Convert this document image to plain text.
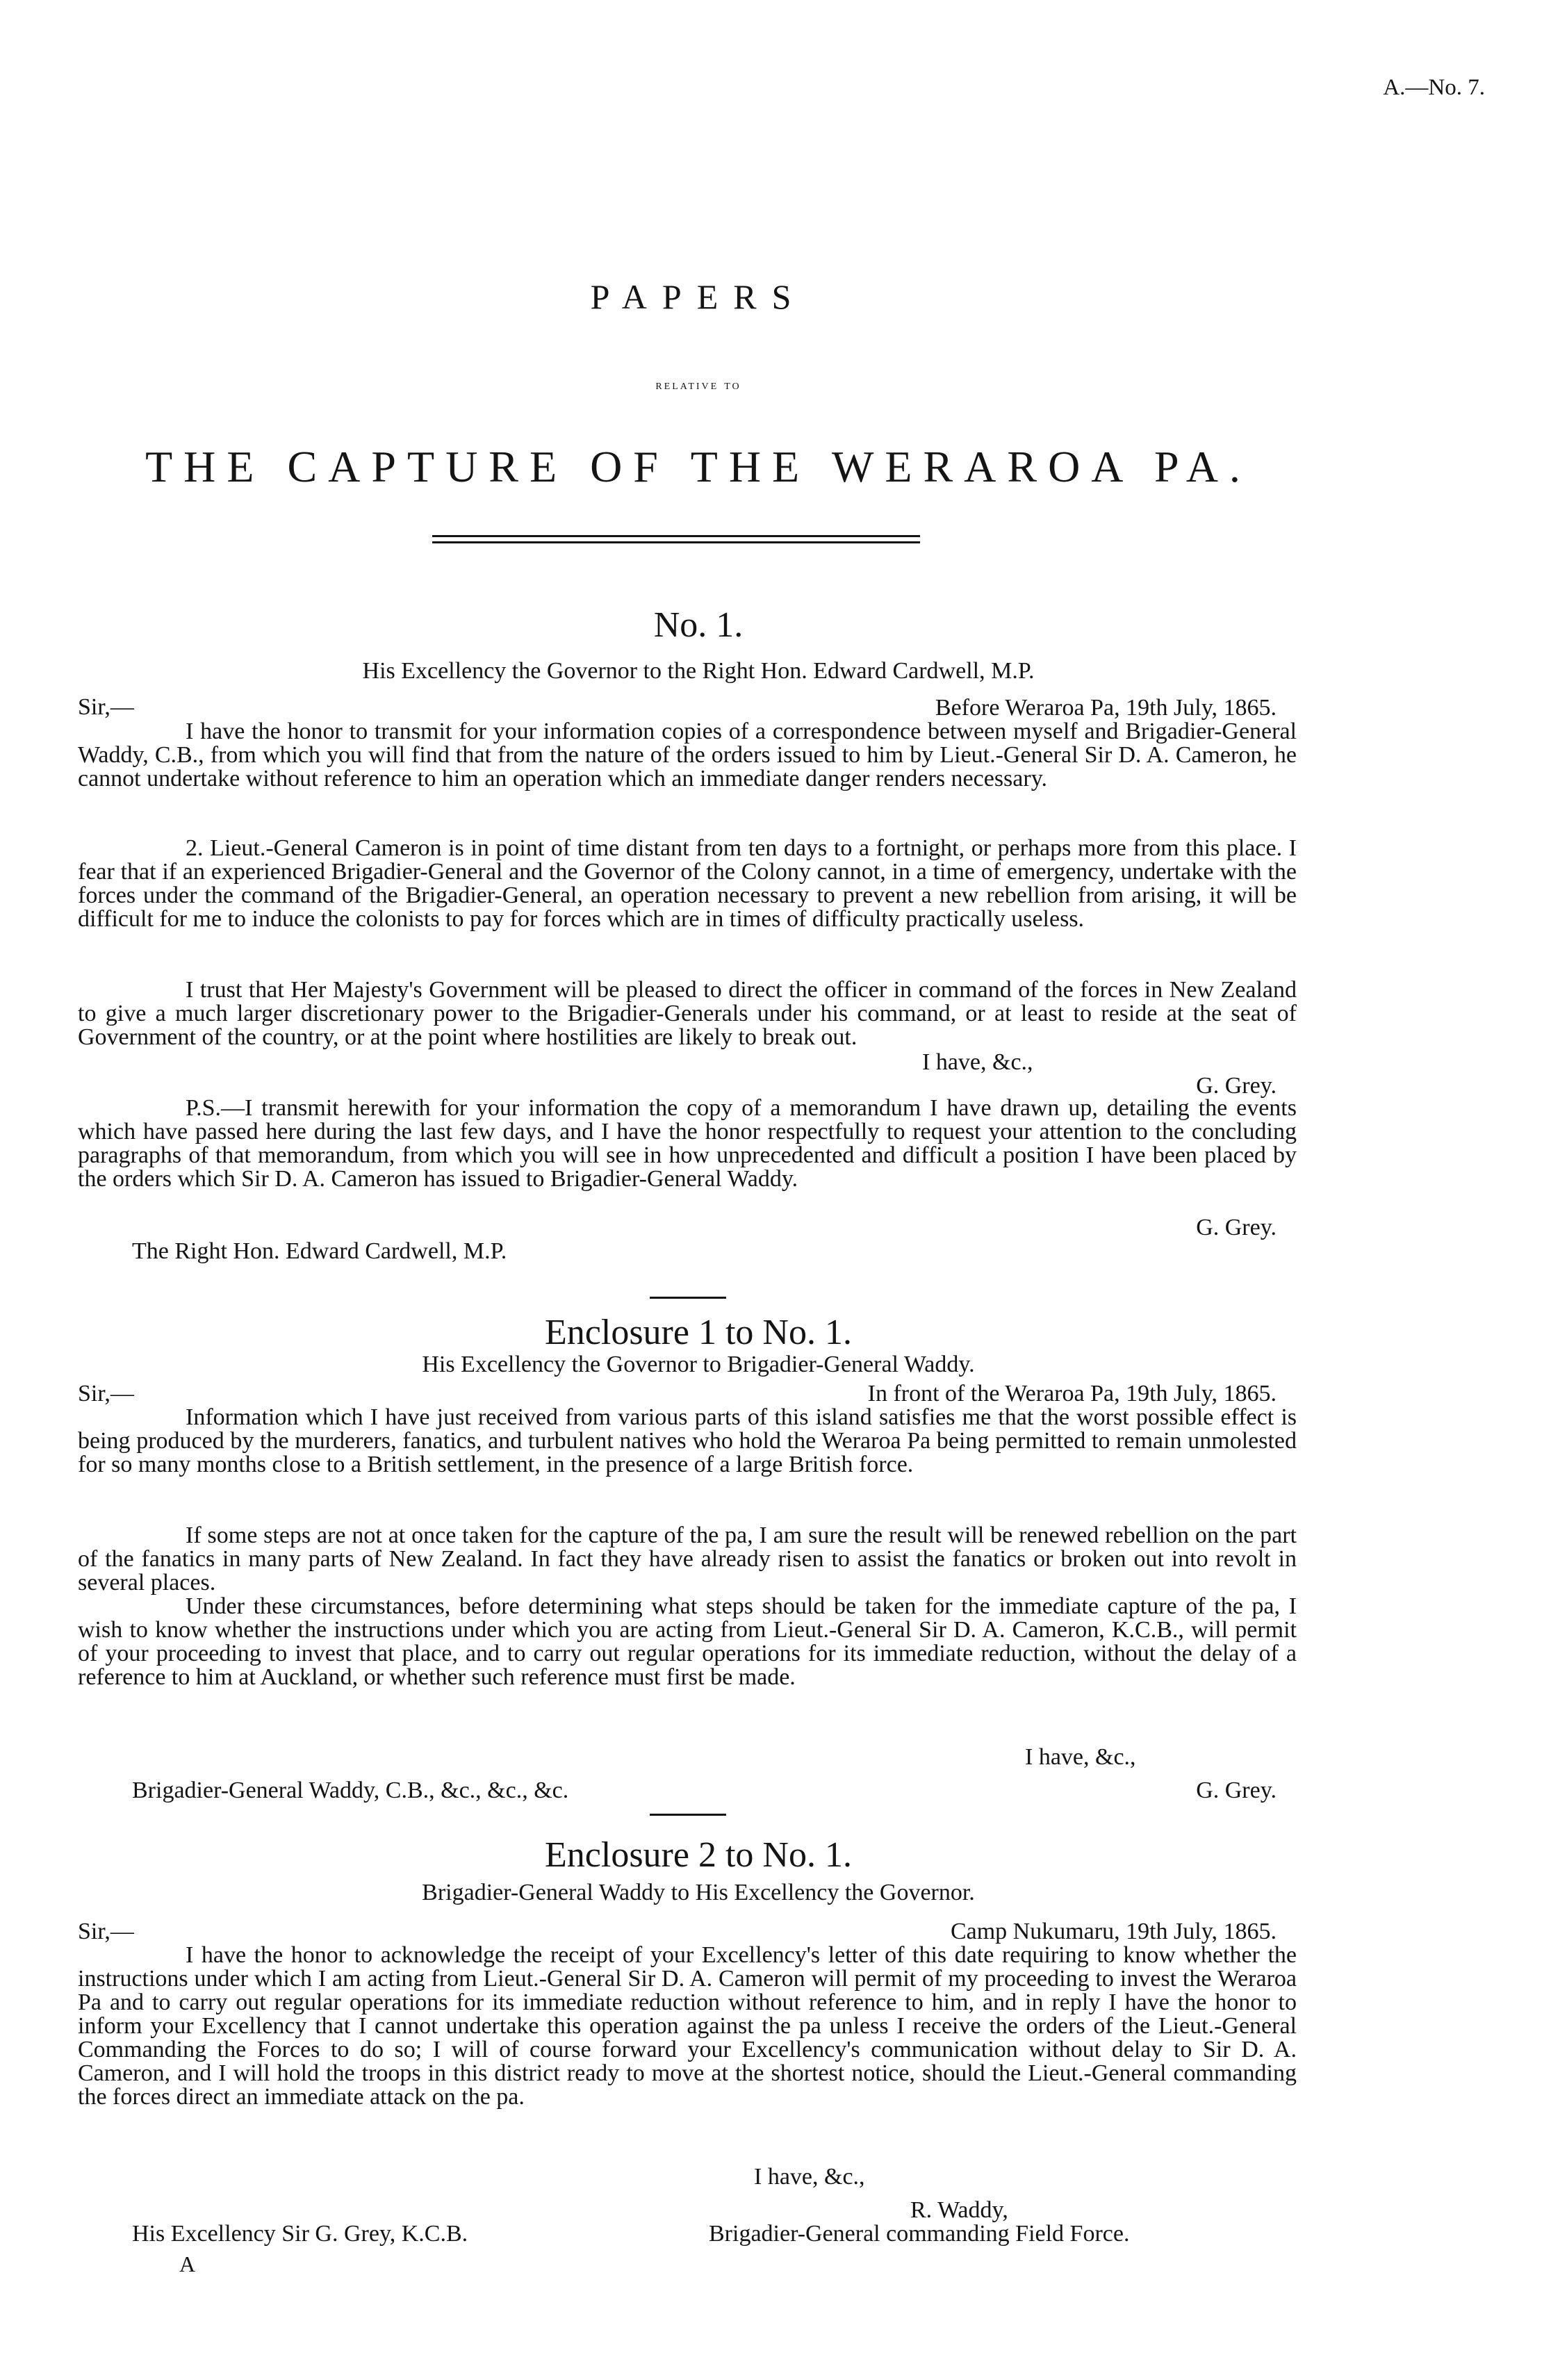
A.—No. 7.
PAPERS
relative to
THE CAPTURE OF THE WERAROA PA.
No. 1.
His Excellency the Governor to the Right Hon. Edward Cardwell, M.P.
Sir,—	Before Weraroa Pa, 19th July, 1865.
I have the honor to transmit for your information copies of a correspondence between myself and Brigadier-General Waddy, C.B., from which you will find that from the nature of the orders issued to him by Lieut.-General Sir D. A. Cameron, he cannot undertake without reference to him an operation which an immediate danger renders necessary.
2. Lieut.-General Cameron is in point of time distant from ten days to a fortnight, or perhaps more from this place. I fear that if an experienced Brigadier-General and the Governor of the Colony cannot, in a time of emergency, undertake with the forces under the command of the Brigadier-General, an operation necessary to prevent a new rebellion from arising, it will be difficult for me to induce the colonists to pay for forces which are in times of difficulty practically useless.
I trust that Her Majesty's Government will be pleased to direct the officer in command of the forces in New Zealand to give a much larger discretionary power to the Brigadier-Generals under his command, or at least to reside at the seat of Government of the country, or at the point where hostilities are likely to break out.
I have, &c.,
G. Grey.
P.S.—I transmit herewith for your information the copy of a memorandum I have drawn up, detailing the events which have passed here during the last few days, and I have the honor respectfully to request your attention to the concluding paragraphs of that memorandum, from which you will see in how unprecedented and difficult a position I have been placed by the orders which Sir D. A. Cameron has issued to Brigadier-General Waddy.
G. Grey.
The Right Hon. Edward Cardwell, M.P.
Enclosure 1 to No. 1.
His Excellency the Governor to Brigadier-General Waddy.
Sir,—	In front of the Weraroa Pa, 19th July, 1865.
Information which I have just received from various parts of this island satisfies me that the worst possible effect is being produced by the murderers, fanatics, and turbulent natives who hold the Weraroa Pa being permitted to remain unmolested for so many months close to a British settlement, in the presence of a large British force.
If some steps are not at once taken for the capture of the pa, I am sure the result will be renewed rebellion on the part of the fanatics in many parts of New Zealand. In fact they have already risen to assist the fanatics or broken out into revolt in several places.
Under these circumstances, before determining what steps should be taken for the immediate capture of the pa, I wish to know whether the instructions under which you are acting from Lieut.-General Sir D. A. Cameron, K.C.B., will permit of your proceeding to invest that place, and to carry out regular operations for its immediate reduction, without the delay of a reference to him at Auckland, or whether such reference must first be made.
I have, &c.,
Brigadier-General Waddy, C.B., &c., &c., &c.	G. Grey.
Enclosure 2 to No. 1.
Brigadier-General Waddy to His Excellency the Governor.
Sir,—	Camp Nukumaru, 19th July, 1865.
I have the honor to acknowledge the receipt of your Excellency's letter of this date requiring to know whether the instructions under which I am acting from Lieut.-General Sir D. A. Cameron will permit of my proceeding to invest the Weraroa Pa and to carry out regular operations for its immediate reduction without reference to him, and in reply I have the honor to inform your Excellency that I cannot undertake this operation against the pa unless I receive the orders of the Lieut.-General Commanding the Forces to do so; I will of course forward your Excellency's communication without delay to Sir D. A. Cameron, and I will hold the troops in this district ready to move at the shortest notice, should the Lieut.-General commanding the forces direct an immediate attack on the pa.
I have, &c.,
R. Waddy,
His Excellency Sir G. Grey, K.C.B.	Brigadier-General commanding Field Force.
A
